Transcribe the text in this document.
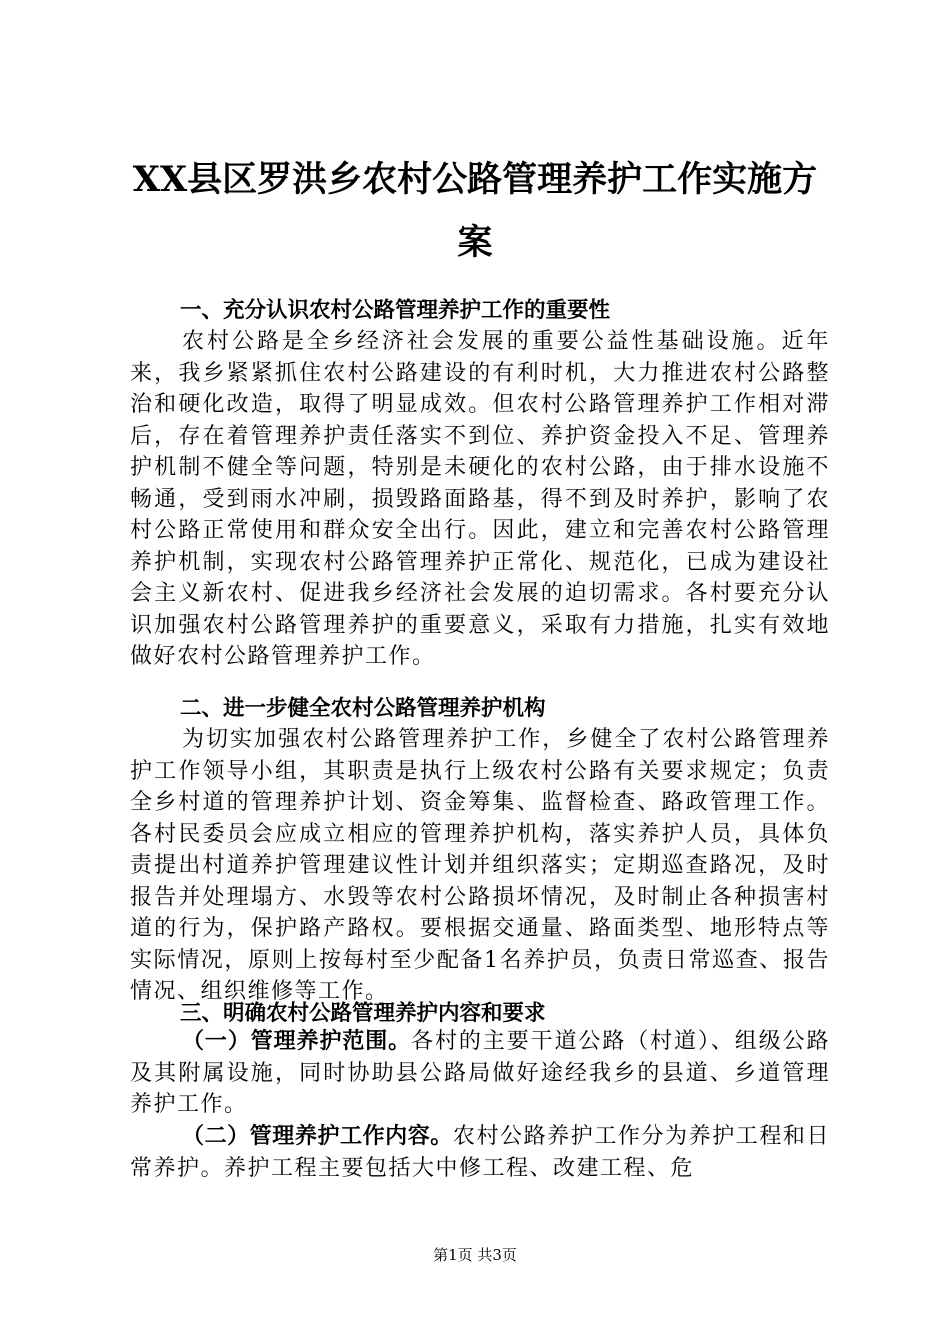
XX县区罗洪乡农村公路管理养护工作实施方
案
一、充分认识农村公路管理养护工作的重要性

农村公路是全乡经济社会发展的重要公益性基础设施。近年来，我乡紧紧抓住农村公路建设的有利时机，大力推进农村公路整治和硬化改造，取得了明显成效。但农村公路管理养护工作相对滞后，存在着管理养护责任落实不到位、养护资金投入不足、管理养护机制不健全等问题，特别是未硬化的农村公路，由于排水设施不畅通，受到雨水冲刷，损毁路面路基，得不到及时养护，影响了农村公路正常使用和群众安全出行。因此，建立和完善农村公路管理养护机制，实现农村公路管理养护正常化、规范化，已成为建设社会主义新农村、促进我乡经济社会发展的迫切需求。各村要充分认识加强农村公路管理养护的重要意义，采取有力措施，扎实有效地做好农村公路管理养护工作。

二、进一步健全农村公路管理养护机构

为切实加强农村公路管理养护工作，乡健全了农村公路管理养护工作领导小组，其职责是执行上级农村公路有关要求规定；负责全乡村道的管理养护计划、资金筹集、监督检查、路政管理工作。各村民委员会应成立相应的管理养护机构，落实养护人员，具体负责提出村道养护管理建议性计划并组织落实；定期巡查路况，及时报告并处理塌方、水毁等农村公路损坏情况，及时制止各种损害村道的行为，保护路产路权。要根据交通量、路面类型、地形特点等实际情况，原则上按每村至少配备1名养护员，负责日常巡查、报告情况、组织维修等工作。

三、明确农村公路管理养护内容和要求

（一）管理养护范围。各村的主要干道公路（村道）、组级公路及其附属设施，同时协助县公路局做好途经我乡的县道、乡道管理养护工作。

（二）管理养护工作内容。农村公路养护工作分为养护工程和日常养护。养护工程主要包括大中修工程、改建工程、危

第1页 共3页
